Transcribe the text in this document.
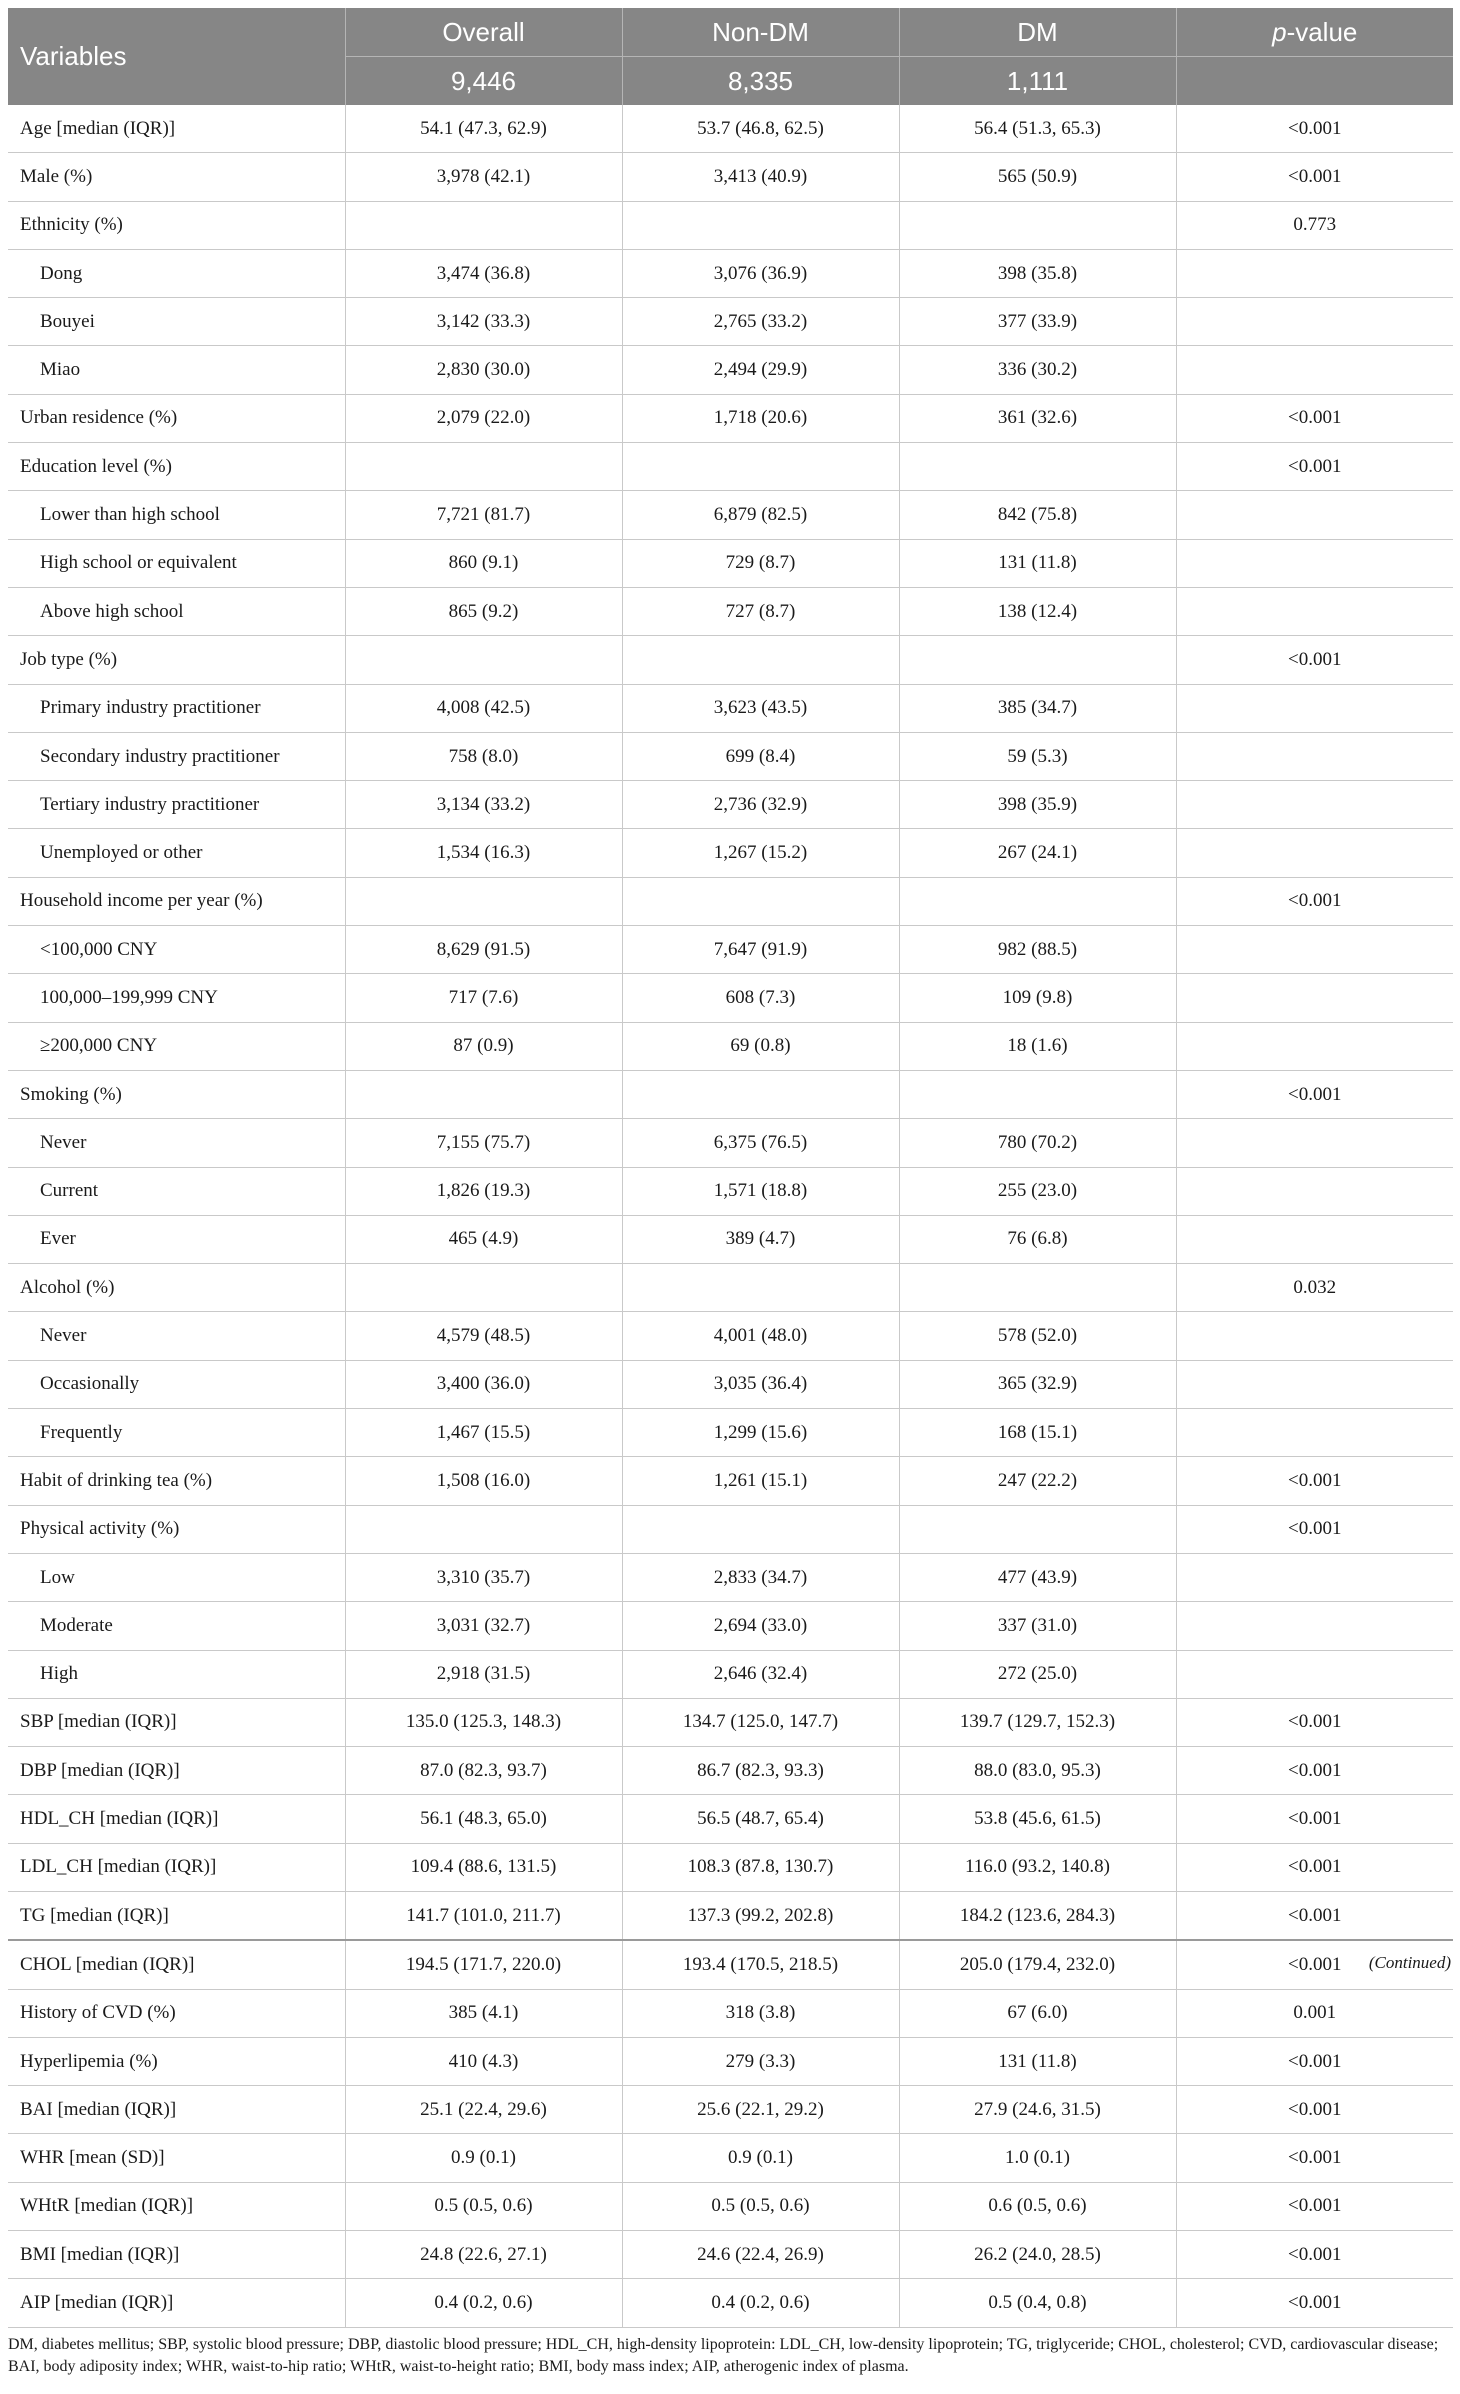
Variables	Overall	Non-DM	DM	p-value
	9,446	8,335	1,111	
Age [median (IQR)]	54.1 (47.3, 62.9)	53.7 (46.8, 62.5)	56.4 (51.3, 65.3)	<0.001
Male (%)	3,978 (42.1)	3,413 (40.9)	565 (50.9)	<0.001
Ethnicity (%)				0.773
Dong	3,474 (36.8)	3,076 (36.9)	398 (35.8)	
Bouyei	3,142 (33.3)	2,765 (33.2)	377 (33.9)	
Miao	2,830 (30.0)	2,494 (29.9)	336 (30.2)	
Urban residence (%)	2,079 (22.0)	1,718 (20.6)	361 (32.6)	<0.001
Education level (%)				<0.001
Lower than high school	7,721 (81.7)	6,879 (82.5)	842 (75.8)	
High school or equivalent	860 (9.1)	729 (8.7)	131 (11.8)	
Above high school	865 (9.2)	727 (8.7)	138 (12.4)	
Job type (%)				<0.001
Primary industry practitioner	4,008 (42.5)	3,623 (43.5)	385 (34.7)	
Secondary industry practitioner	758 (8.0)	699 (8.4)	59 (5.3)	
Tertiary industry practitioner	3,134 (33.2)	2,736 (32.9)	398 (35.9)	
Unemployed or other	1,534 (16.3)	1,267 (15.2)	267 (24.1)	
Household income per year (%)				<0.001
<100,000 CNY	8,629 (91.5)	7,647 (91.9)	982 (88.5)	
100,000–199,999 CNY	717 (7.6)	608 (7.3)	109 (9.8)	
≥200,000 CNY	87 (0.9)	69 (0.8)	18 (1.6)	
Smoking (%)				<0.001
Never	7,155 (75.7)	6,375 (76.5)	780 (70.2)	
Current	1,826 (19.3)	1,571 (18.8)	255 (23.0)	
Ever	465 (4.9)	389 (4.7)	76 (6.8)	
Alcohol (%)				0.032
Never	4,579 (48.5)	4,001 (48.0)	578 (52.0)	
Occasionally	3,400 (36.0)	3,035 (36.4)	365 (32.9)	
Frequently	1,467 (15.5)	1,299 (15.6)	168 (15.1)	
Habit of drinking tea (%)	1,508 (16.0)	1,261 (15.1)	247 (22.2)	<0.001
Physical activity (%)				<0.001
Low	3,310 (35.7)	2,833 (34.7)	477 (43.9)	
Moderate	3,031 (32.7)	2,694 (33.0)	337 (31.0)	
High	2,918 (31.5)	2,646 (32.4)	272 (25.0)	
SBP [median (IQR)]	135.0 (125.3, 148.3)	134.7 (125.0, 147.7)	139.7 (129.7, 152.3)	<0.001
DBP [median (IQR)]	87.0 (82.3, 93.7)	86.7 (82.3, 93.3)	88.0 (83.0, 95.3)	<0.001
HDL_CH [median (IQR)]	56.1 (48.3, 65.0)	56.5 (48.7, 65.4)	53.8 (45.6, 61.5)	<0.001
LDL_CH [median (IQR)]	109.4 (88.6, 131.5)	108.3 (87.8, 130.7)	116.0 (93.2, 140.8)	<0.001
TG [median (IQR)]	141.7 (101.0, 211.7)	137.3 (99.2, 202.8)	184.2 (123.6, 284.3)	<0.001
CHOL [median (IQR)]	194.5 (171.7, 220.0)	193.4 (170.5, 218.5)	205.0 (179.4, 232.0)	<0.001 (Continued)

History of CVD (%)	385 (4.1)	318 (3.8)	67 (6.0)	0.001
Hyperlipemia (%)	410 (4.3)	279 (3.3)	131 (11.8)	<0.001
BAI [median (IQR)]	25.1 (22.4, 29.6)	25.6 (22.1, 29.2)	27.9 (24.6, 31.5)	<0.001
WHR [mean (SD)]	0.9 (0.1)	0.9 (0.1)	1.0 (0.1)	<0.001
WHtR [median (IQR)]	0.5 (0.5, 0.6)	0.5 (0.5, 0.6)	0.6 (0.5, 0.6)	<0.001
BMI [median (IQR)]	24.8 (22.6, 27.1)	24.6 (22.4, 26.9)	26.2 (24.0, 28.5)	<0.001
AIP [median (IQR)]	0.4 (0.2, 0.6)	0.4 (0.2, 0.6)	0.5 (0.4, 0.8)	<0.001
DM, diabetes mellitus; SBP, systolic blood pressure; DBP, diastolic blood pressure; HDL_CH, high-density lipoprotein: LDL_CH, low-density lipoprotein; TG, triglyceride; CHOL, cholesterol; CVD, cardiovascular disease; BAI, body adiposity index; WHR, waist-to-hip ratio; WHtR, waist-to-height ratio; BMI, body mass index; AIP, atherogenic index of plasma.
